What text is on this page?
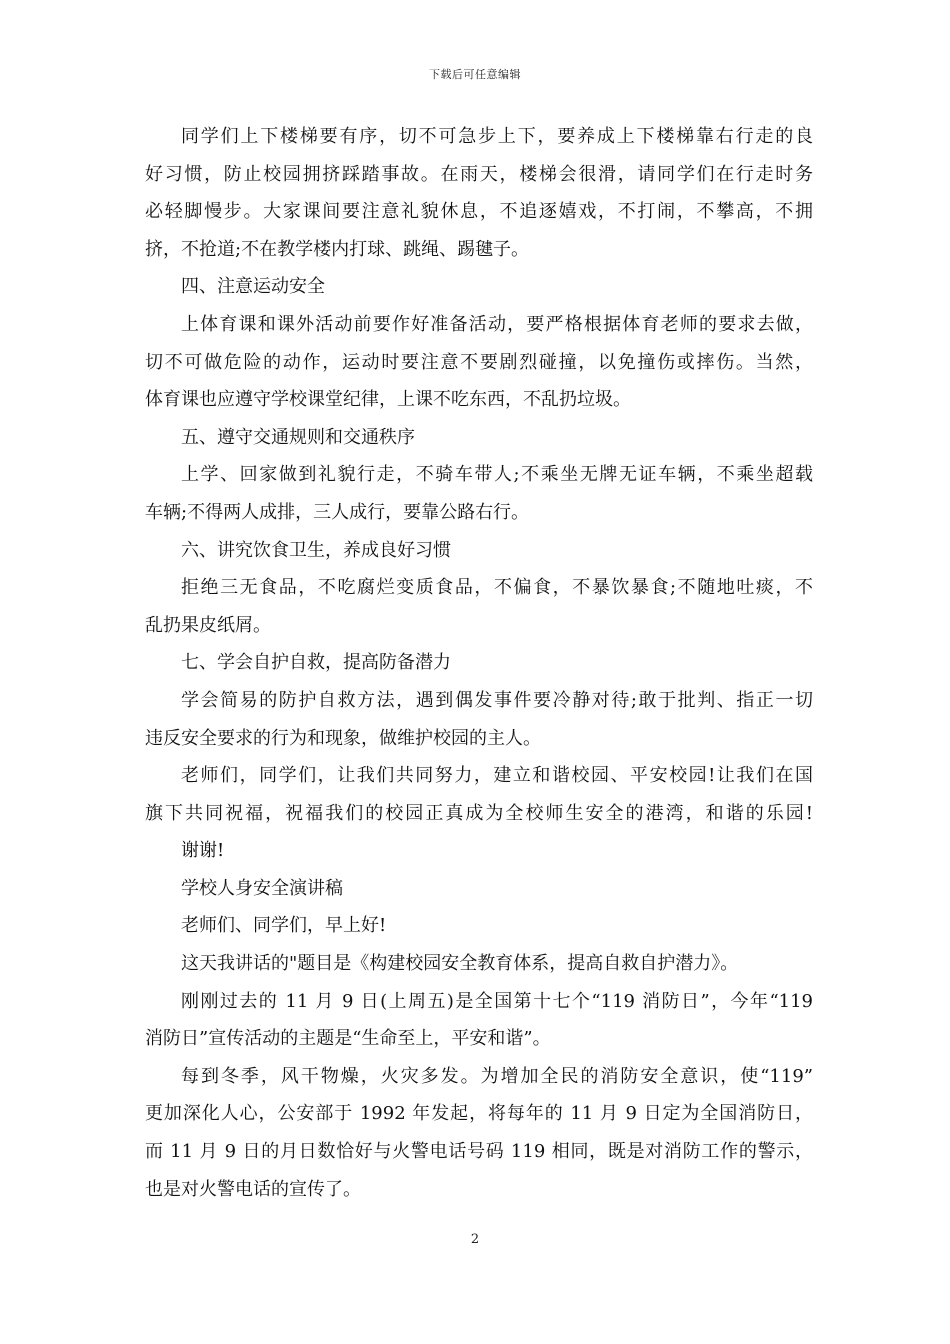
下载后可任意编辑
同学们上下楼梯要有序，切不可急步上下，要养成上下楼梯靠右行走的良
好习惯，防止校园拥挤踩踏事故。在雨天，楼梯会很滑，请同学们在行走时务
必轻脚慢步。大家课间要注意礼貌休息，不追逐嬉戏，不打闹，不攀高，不拥
挤，不抢道;不在教学楼内打球、跳绳、踢毽子。
四、注意运动安全
上体育课和课外活动前要作好准备活动，要严格根据体育老师的要求去做，
切不可做危险的动作，运动时要注意不要剧烈碰撞，以免撞伤或摔伤。当然，
体育课也应遵守学校课堂纪律，上课不吃东西，不乱扔垃圾。
五、遵守交通规则和交通秩序
上学、回家做到礼貌行走，不骑车带人;不乘坐无牌无证车辆，不乘坐超载
车辆;不得两人成排，三人成行，要靠公路右行。
六、讲究饮食卫生，养成良好习惯
拒绝三无食品，不吃腐烂变质食品，不偏食，不暴饮暴食;不随地吐痰，不
乱扔果皮纸屑。
七、学会自护自救，提高防备潜力
学会简易的防护自救方法，遇到偶发事件要冷静对待;敢于批判、指正一切
违反安全要求的行为和现象，做维护校园的主人。
老师们，同学们，让我们共同努力，建立和谐校园、平安校园!让我们在国
旗下共同祝福，祝福我们的校园正真成为全校师生安全的港湾，和谐的乐园!
谢谢!
学校人身安全演讲稿
老师们、同学们，早上好!
这天我讲话的"题目是《构建校园安全教育体系，提高自救自护潜力》。
刚刚过去的 11 月 9 日(上周五)是全国第十七个“119 消防日”，今年“119
消防日”宣传活动的主题是“生命至上，平安和谐”。
每到冬季，风干物燥，火灾多发。为增加全民的消防安全意识，使“119”
更加深化人心，公安部于 1992 年发起，将每年的 11 月 9 日定为全国消防日，
而 11 月 9 日的月日数恰好与火警电话号码 119 相同，既是对消防工作的警示，
也是对火警电话的宣传了。
2
